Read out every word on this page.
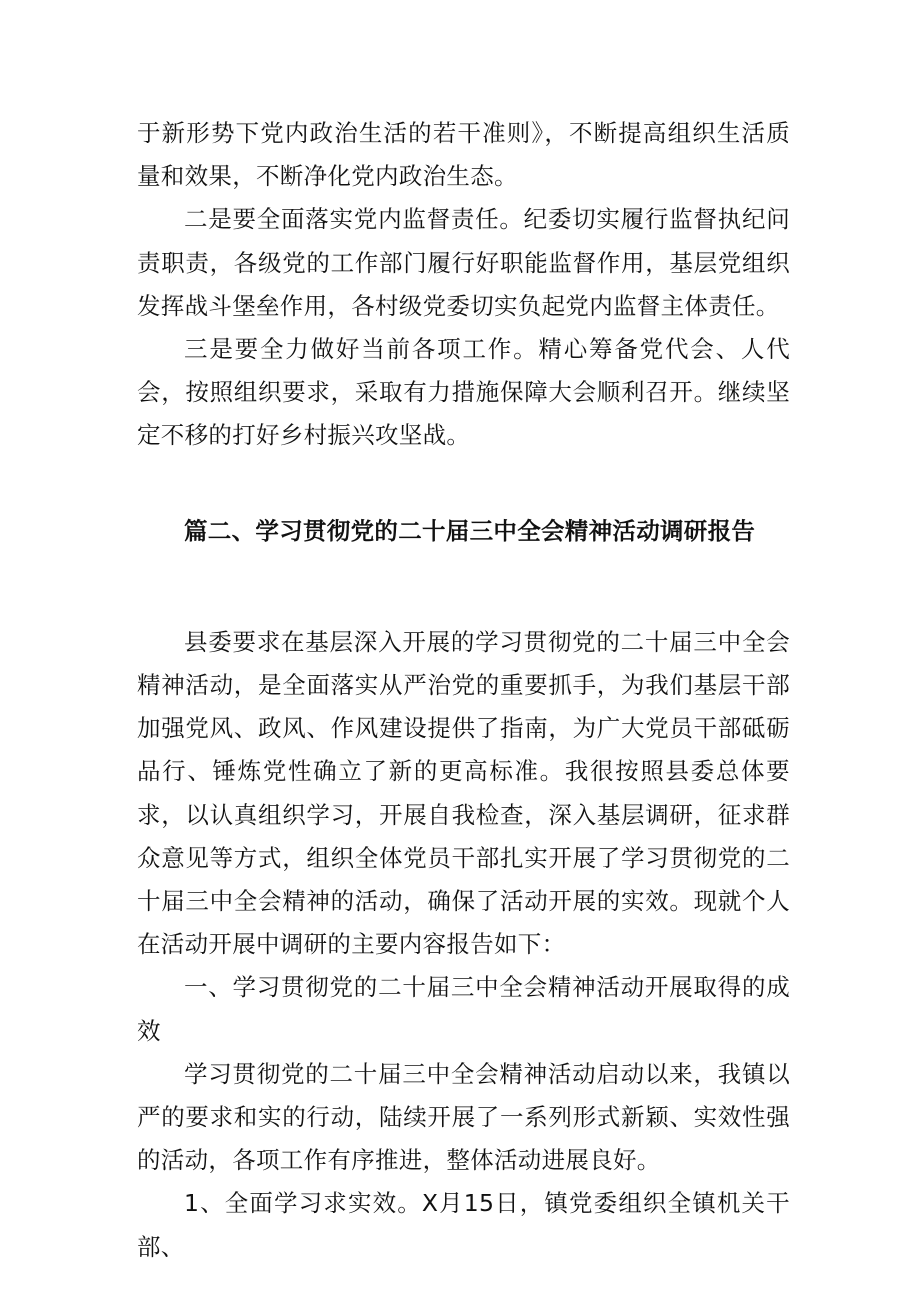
于新形势下党内政治生活的若干准则》，不断提高组织生活质量和效果，不断净化党内政治生态。

二是要全面落实党内监督责任。纪委切实履行监督执纪问责职责，各级党的工作部门履行好职能监督作用，基层党组织发挥战斗堡垒作用，各村级党委切实负起党内监督主体责任。

三是要全力做好当前各项工作。精心筹备党代会、人代会，按照组织要求，采取有力措施保障大会顺利召开。继续坚定不移的打好乡村振兴攻坚战。

篇二、学习贯彻党的二十届三中全会精神活动调研报告

县委要求在基层深入开展的学习贯彻党的二十届三中全会精神活动，是全面落实从严治党的重要抓手，为我们基层干部加强党风、政风、作风建设提供了指南，为广大党员干部砥砺品行、锤炼党性确立了新的更高标准。我很按照县委总体要求，以认真组织学习，开展自我检查，深入基层调研，征求群众意见等方式，组织全体党员干部扎实开展了学习贯彻党的二十届三中全会精神的活动，确保了活动开展的实效。现就个人在活动开展中调研的主要内容报告如下：

一、学习贯彻党的二十届三中全会精神活动开展取得的成效

学习贯彻党的二十届三中全会精神活动启动以来，我镇以严的要求和实的行动，陆续开展了一系列形式新颖、实效性强的活动，各项工作有序推进，整体活动进展良好。

1、全面学习求实效。X月15日，镇党委组织全镇机关干部、
